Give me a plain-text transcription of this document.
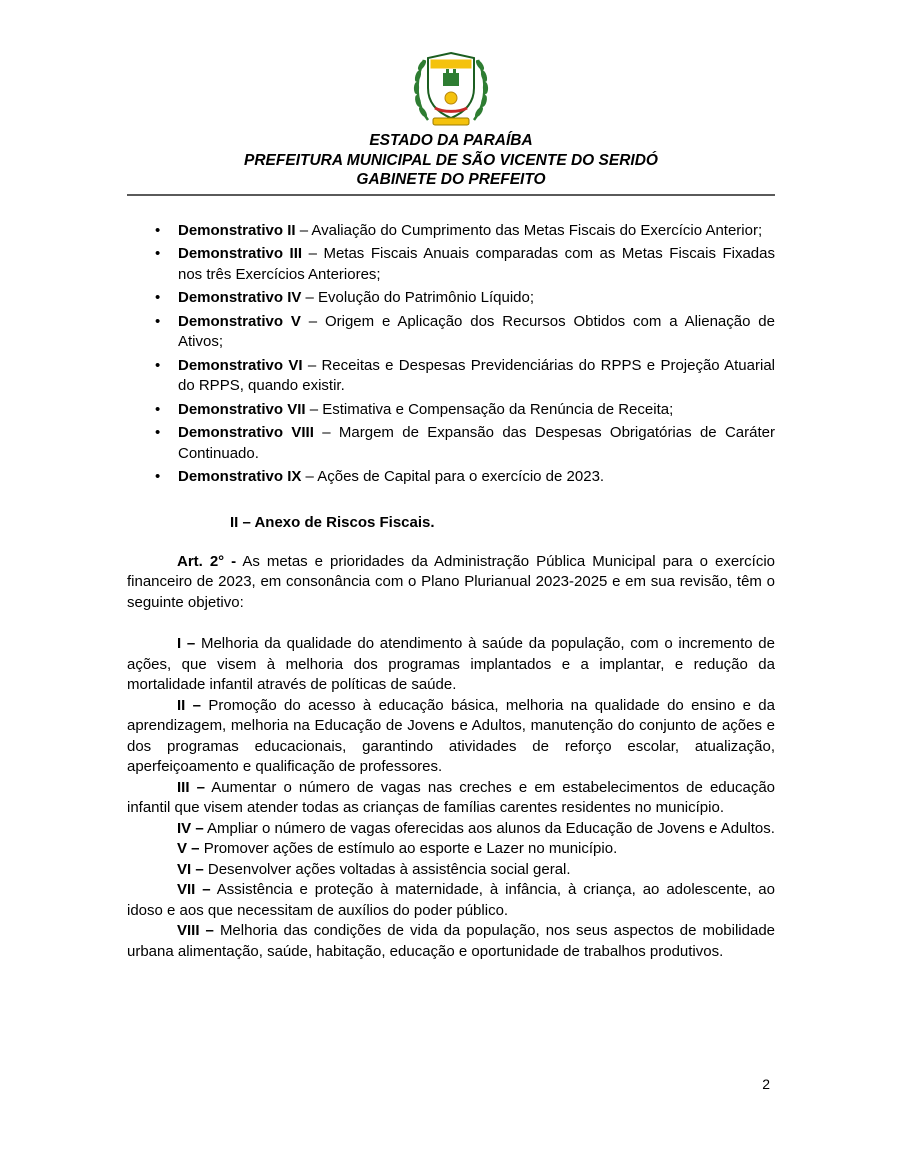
ESTADO DA PARAÍBA
PREFEITURA MUNICIPAL DE SÃO VICENTE DO SERIDÓ
GABINETE DO PREFEITO
• Demonstrativo II – Avaliação do Cumprimento das Metas Fiscais do Exercício Anterior;
• Demonstrativo III – Metas Fiscais Anuais comparadas com as Metas Fiscais Fixadas nos três Exercícios Anteriores;
• Demonstrativo IV – Evolução do Patrimônio Líquido;
• Demonstrativo V – Origem e Aplicação dos Recursos Obtidos com a Alienação de Ativos;
• Demonstrativo VI – Receitas e Despesas Previdenciárias do RPPS e Projeção Atuarial do RPPS, quando existir.
• Demonstrativo VII – Estimativa e Compensação da Renúncia de Receita;
• Demonstrativo VIII – Margem de Expansão das Despesas Obrigatórias de Caráter Continuado.
• Demonstrativo IX – Ações de Capital para o exercício de 2023.
II – Anexo de Riscos Fiscais.

Art. 2° - As metas e prioridades da Administração Pública Municipal para o exercício financeiro de 2023, em consonância com o Plano Plurianual 2023-2025 e em sua revisão, têm o seguinte objetivo:

I – Melhoria da qualidade do atendimento à saúde da população, com o incremento de ações, que visem à melhoria dos programas implantados e a implantar, e redução da mortalidade infantil através de políticas de saúde.

II – Promoção do acesso à educação básica, melhoria na qualidade do ensino e da aprendizagem, melhoria na Educação de Jovens e Adultos, manutenção do conjunto de ações e dos programas educacionais, garantindo atividades de reforço escolar, atualização, aperfeiçoamento e qualificação de professores.

III – Aumentar o número de vagas nas creches e em estabelecimentos de educação infantil que visem atender todas as crianças de famílias carentes residentes no município.

IV – Ampliar o número de vagas oferecidas aos alunos da Educação de Jovens e Adultos.

V – Promover ações de estímulo ao esporte e Lazer no município.

VI – Desenvolver ações voltadas à assistência social geral.

VII – Assistência e proteção à maternidade, à infância, à criança, ao adolescente, ao idoso e aos que necessitam de auxílios do poder público.

VIII – Melhoria das condições de vida da população, nos seus aspectos de mobilidade urbana alimentação, saúde, habitação, educação e oportunidade de trabalhos produtivos.

2
